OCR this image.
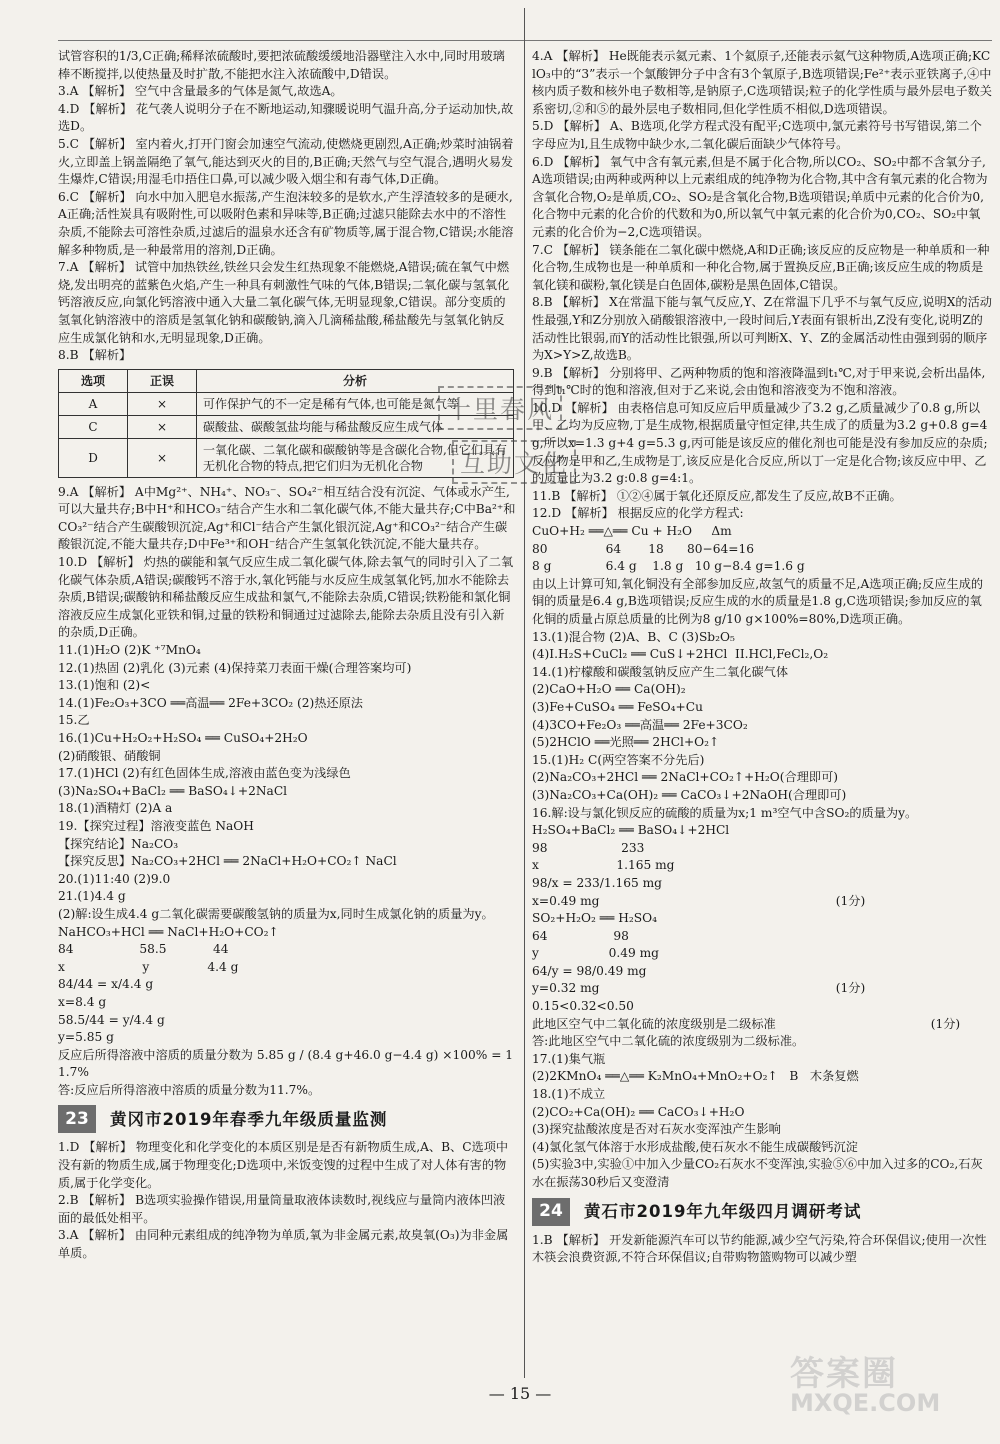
试管容积的1/3,C正确;稀释浓硫酸时,要把浓硫酸缓缓地沿器壁注入水中,同时用玻璃棒不断搅拌,以使热量及时扩散,不能把水注入浓硫酸中,D错误。

3.A 【解析】 空气中含量最多的气体是氮气,故选A。

4.D 【解析】 花气袭人说明分子在不断地运动,知骤暖说明气温升高,分子运动加快,故选D。

5.C 【解析】 室内着火,打开门窗会加速空气流动,使燃烧更剧烈,A正确;炒菜时油锅着火,立即盖上锅盖隔绝了氧气,能达到灭火的目的,B正确;天然气与空气混合,遇明火易发生爆炸,C错误;用湿毛巾捂住口鼻,可以减少吸入烟尘和有毒气体,D正确。

6.C 【解析】 向水中加入肥皂水振荡,产生泡沫较多的是软水,产生浮渣较多的是硬水,A正确;活性炭具有吸附性,可以吸附色素和异味等,B正确;过滤只能除去水中的不溶性杂质,不能除去可溶性杂质,过滤后的温泉水还含有矿物质等,属于混合物,C错误;水能溶解多种物质,是一种最常用的溶剂,D正确。

7.A 【解析】 试管中加热铁丝,铁丝只会发生红热现象不能燃烧,A错误;硫在氧气中燃烧,发出明亮的蓝紫色火焰,产生一种具有刺激性气味的气体,B错误;二氧化碳与氢氧化钙溶液反应,向氯化钙溶液中通入大量二氧化碳气体,无明显现象,C错误。部分变质的氢氧化钠溶液中的溶质是氢氧化钠和碳酸钠,滴入几滴稀盐酸,稀盐酸先与氢氧化钠反应生成氯化钠和水,无明显现象,D正确。

8.B 【解析】

选项	正误	分析
A	×	可作保护气的不一定是稀有气体,也可能是氮气等
C	×	碳酸盐、碳酸氢盐均能与稀盐酸反应生成气体
D	×	一氧化碳、二氧化碳和碳酸钠等是含碳化合物,但它们具有无机化合物的特点,把它们归为无机化合物

9.A 【解析】 A中Mg²⁺、NH₄⁺、NO₃⁻、SO₄²⁻相互结合没有沉淀、气体或水产生,可以大量共存;B中H⁺和HCO₃⁻结合产生水和二氧化碳气体,不能大量共存;C中Ba²⁺和CO₃²⁻结合产生碳酸钡沉淀,Ag⁺和Cl⁻结合产生氯化银沉淀,Ag⁺和CO₃²⁻结合产生碳酸银沉淀,不能大量共存;D中Fe³⁺和OH⁻结合产生氢氧化铁沉淀,不能大量共存。

10.D 【解析】 灼热的碳能和氧气反应生成二氧化碳气体,除去氧气的同时引入了二氧化碳气体杂质,A错误;碳酸钙不溶于水,氧化钙能与水反应生成氢氧化钙,加水不能除去杂质,B错误;碳酸钠和稀盐酸反应生成盐和氯气,不能除去杂质,C错误;铁粉能和氯化铜溶液反应生成氯化亚铁和铜,过量的铁粉和铜通过过滤除去,能除去杂质且没有引入新的杂质,D正确。

11.(1)H₂O (2)K ⁺⁷MnO₄

12.(1)热固 (2)乳化 (3)元素 (4)保持菜刀表面干燥(合理答案均可)

13.(1)饱和 (2)<

14.(1)Fe₂O₃+3CO ══高温══ 2Fe+3CO₂ (2)热还原法

15.乙

16.(1)Cu+H₂O₂+H₂SO₄ ══ CuSO₄+2H₂O

(2)硝酸银、硝酸铜

17.(1)HCl (2)有红色固体生成,溶液由蓝色变为浅绿色

(3)Na₂SO₄+BaCl₂ ══ BaSO₄↓+2NaCl

18.(1)酒精灯 (2)A a

19.【探究过程】溶液变蓝色 NaOH

【探究结论】Na₂CO₃

【探究反思】Na₂CO₃+2HCl ══ 2NaCl+H₂O+CO₂↑ NaCl

20.(1)11:40 (2)9.0

21.(1)4.4 g

(2)解:设生成4.4 g二氧化碳需要碳酸氢钠的质量为x,同时生成氯化钠的质量为y。

NaHCO₃+HCl ══ NaCl+H₂O+CO₂↑

84                 58.5            44

x                    y               4.4 g

84/44 = x/4.4 g

x=8.4 g

58.5/44 = y/4.4 g

y=5.85 g

反应后所得溶液中溶质的质量分数为 5.85 g / (8.4 g+46.0 g−4.4 g) ×100% = 11.7%

答:反应后所得溶液中溶质的质量分数为11.7%。

23	黄冈市2019年春季九年级质量监测

1.D 【解析】 物理变化和化学变化的本质区别是是否有新物质生成,A、B、C选项中没有新的物质生成,属于物理变化;D选项中,米饭变馊的过程中生成了对人体有害的物质,属于化学变化。

2.B 【解析】 B选项实验操作错误,用量筒量取液体读数时,视线应与量筒内液体凹液面的最低处相平。

3.A 【解析】 由同种元素组成的纯净物为单质,氧为非金属元素,故臭氧(O₃)为非金属单质。

4.A 【解析】 He既能表示氦元素、1个氦原子,还能表示氦气这种物质,A选项正确;KClO₃中的“3”表示一个氯酸钾分子中含有3个氧原子,B选项错误;Fe²⁺表示亚铁离子,④中核内质子数和核外电子数相等,是钠原子,C选项错误;粒子的化学性质与最外层电子数关系密切,②和⑤的最外层电子数相同,但化学性质不相似,D选项错误。

5.D 【解析】 A、B选项,化学方程式没有配平;C选项中,氯元素符号书写错误,第二个字母应为l,且生成物中缺少水,二氧化碳后面缺少气体符号。

6.D 【解析】 氧气中含有氧元素,但是不属于化合物,所以CO₂、SO₂中都不含氧分子,A选项错误;由两种或两种以上元素组成的纯净物为化合物,其中含有氧元素的化合物为含氧化合物,O₂是单质,CO₂、SO₂是含氧化合物,B选项错误;单质中元素的化合价为0,化合物中元素的化合价的代数和为0,所以氧气中氧元素的化合价为0,CO₂、SO₂中氧元素的化合价为−2,C选项错误。

7.C 【解析】 镁条能在二氧化碳中燃烧,A和D正确;该反应的反应物是一种单质和一种化合物,生成物也是一种单质和一种化合物,属于置换反应,B正确;该反应生成的物质是氧化镁和碳粉,氧化镁是白色固体,碳粉是黑色固体,C错误。

8.B 【解析】 X在常温下能与氧气反应,Y、Z在常温下几乎不与氧气反应,说明X的活动性最强,Y和Z分别放入硝酸银溶液中,一段时间后,Y表面有银析出,Z没有变化,说明Z的活动性比银弱,而Y的活动性比银强,所以可判断X、Y、Z的金属活动性由强到弱的顺序为X>Y>Z,故选B。

9.B 【解析】 分别将甲、乙两种物质的饱和溶液降温到t₁℃,对于甲来说,会析出晶体,得到t₁℃时的饱和溶液,但对于乙来说,会由饱和溶液变为不饱和溶液。

10.D 【解析】 由表格信息可知反应后甲质量减少了3.2 g,乙质量减少了0.8 g,所以甲、乙均为反应物,丁是生成物,根据质量守恒定律,共生成了的质量为3.2 g+0.8 g=4 g,所以x=1.3 g+4 g=5.3 g,丙可能是该反应的催化剂也可能是没有参加反应的杂质;反应物是甲和乙,生成物是丁,该反应是化合反应,所以丁一定是化合物;该反应中甲、乙的质量比为3.2 g:0.8 g=4:1。

11.B 【解析】 ①②④属于氧化还原反应,都发生了反应,故B不正确。

12.D 【解析】 根据反应的化学方程式:

CuO+H₂ ══△══ Cu + H₂O     Δm

80               64       18      80−64=16

8 g              6.4 g    1.8 g   10 g−8.4 g=1.6 g

由以上计算可知,氧化铜没有全部参加反应,故氢气的质量不足,A选项正确;反应生成的铜的质量是6.4 g,B选项错误;反应生成的水的质量是1.8 g,C选项错误;参加反应的氧化铜的质量占原总质量的比例为8 g/10 g×100%=80%,D选项正确。

13.(1)混合物 (2)A、B、C (3)Sb₂O₅

(4)I.H₂S+CuCl₂ ══ CuS↓+2HCl  II.HCl,FeCl₂,O₂

14.(1)柠檬酸和碳酸氢钠反应产生二氧化碳气体

(2)CaO+H₂O ══ Ca(OH)₂

(3)Fe+CuSO₄ ══ FeSO₄+Cu

(4)3CO+Fe₂O₃ ══高温══ 2Fe+3CO₂

(5)2HClO ══光照══ 2HCl+O₂↑

15.(1)H₂ C(两空答案不分先后)

(2)Na₂CO₃+2HCl ══ 2NaCl+CO₂↑+H₂O(合理即可)

(3)Na₂CO₃+Ca(OH)₂ ══ CaCO₃↓+2NaOH(合理即可)

16.解:设与氯化钡反应的硫酸的质量为x;1 m³空气中含SO₂的质量为y。

H₂SO₄+BaCl₂ ══ BaSO₄↓+2HCl

98                   233

x                    1.165 mg

98/x = 233/1.165 mg

x=0.49 mg                                                             (1分)

SO₂+H₂O₂ ══ H₂SO₄

64                 98

y                  0.49 mg

64/y = 98/0.49 mg

y=0.32 mg                                                             (1分)

0.15<0.32<0.50

此地区空气中二氧化硫的浓度级别是二级标准                                        (1分)

答:此地区空气中二氧化硫的浓度级别为二级标准。

17.(1)集气瓶

(2)2KMnO₄ ══△══ K₂MnO₄+MnO₂+O₂↑   B   木条复燃

18.(1)不成立

(2)CO₂+Ca(OH)₂ ══ CaCO₃↓+H₂O

(3)探究盐酸浓度是否对石灰水变浑浊产生影响

(4)氯化氢气体溶于水形成盐酸,使石灰水不能生成碳酸钙沉淀

(5)实验3中,实验①中加入少量CO₂石灰水不变浑浊,实验⑤⑥中加入过多的CO₂,石灰水在振荡30秒后又变澄清

24	黄石市2019年九年级四月调研考试

1.B 【解析】 开发新能源汽车可以节约能源,减少空气污染,符合环保倡议;使用一次性木筷会浪费资源,不符合环保倡议;自带购物篮购物可以减少塑

十里春风 互助文化
— 15 —	答案圈
MXQE.COM
